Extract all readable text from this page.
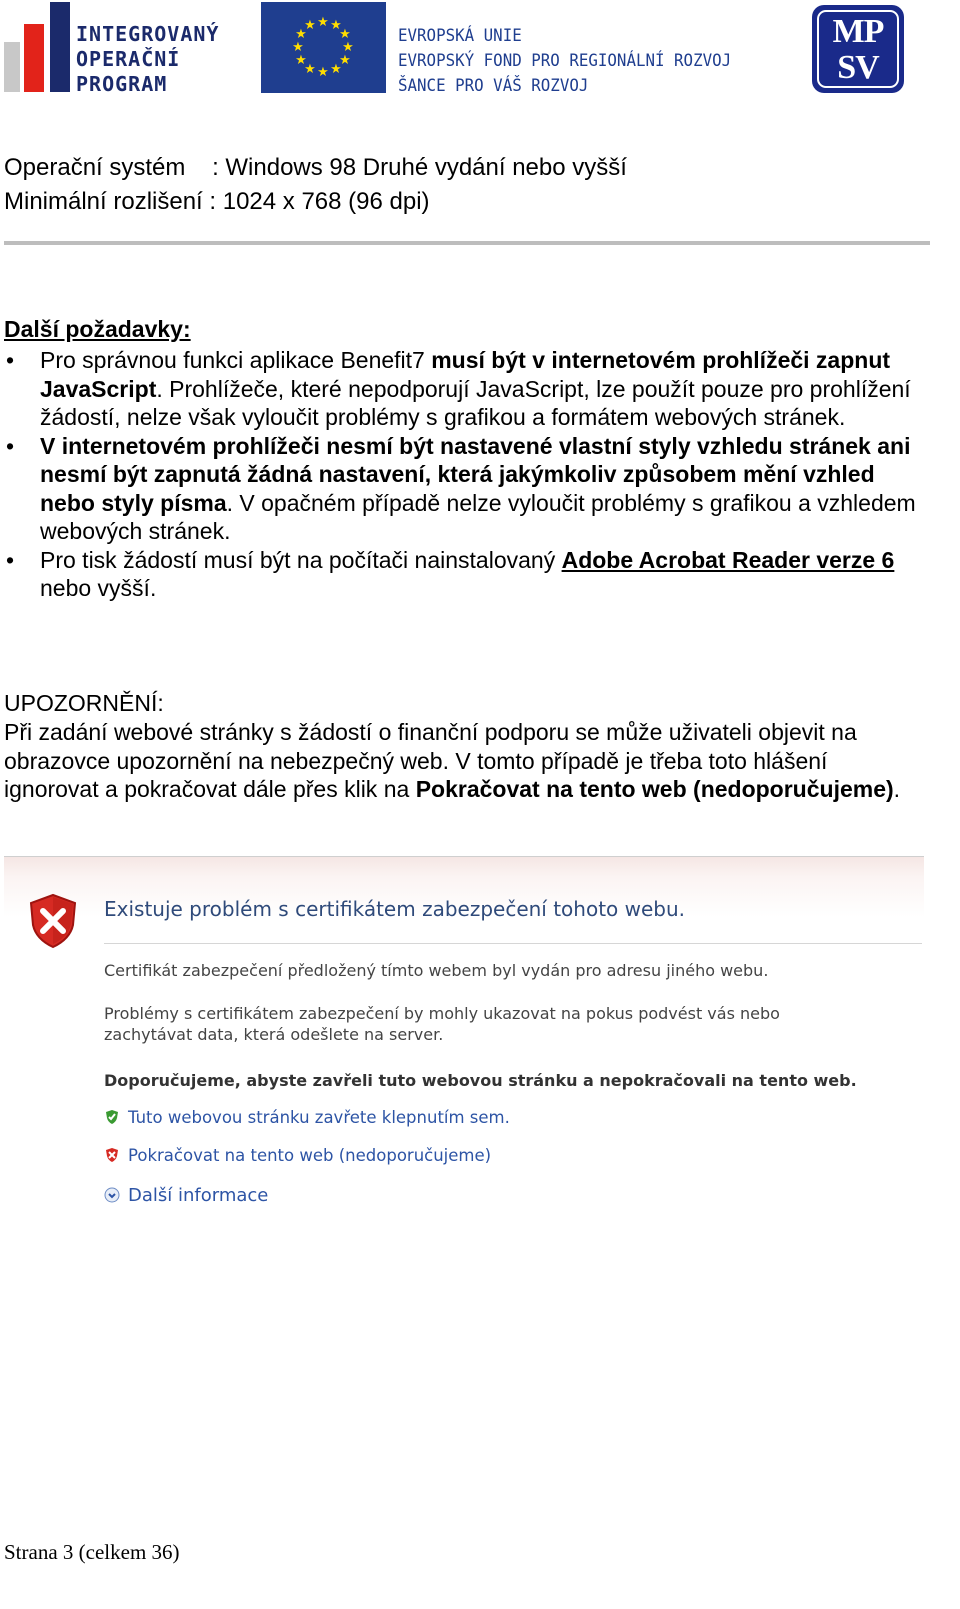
INTEGROVANÝ
OPERAČNÍ
PROGRAM
★ ★
★
★
★
★
★
★
★
★
★
★
EVROPSKÁ UNIE
EVROPSKÝ FOND PRO REGIONÁLNÍ ROZVOJ
ŠANCE PRO VÁŠ ROZVOJ
MP
SV
Operační systém    : Windows 98 Druhé vydání nebo vyšší
Minimální rozlišení : 1024 x 768 (96 dpi)
Další požadavky:
• Pro správnou funkci aplikace Benefit7 musí být v internetovém prohlížeči zapnut JavaScript. Prohlížeče, které nepodporují JavaScript, lze použít pouze pro prohlížení žádostí, nelze však vyloučit problémy s grafikou a formátem webových stránek.
• V internetovém prohlížeči nesmí být nastavené vlastní styly vzhledu stránek ani nesmí být zapnutá žádná nastavení, která jakýmkoliv způsobem mění vzhled nebo styly písma. V opačném případě nelze vyloučit problémy s grafikou a vzhledem webových stránek.
• Pro tisk žádostí musí být na počítači nainstalovaný Adobe Acrobat Reader verze 6 nebo vyšší.
UPOZORNĚNÍ:
Při zadání webové stránky s žádostí o finanční podporu se může uživateli objevit na obrazovce upozornění na nebezpečný web. V tomto případě je třeba toto hlášení ignorovat a pokračovat dále přes klik na Pokračovat na tento web (nedoporučujeme).
Existuje problém s certifikátem zabezpečení tohoto webu.
Certifikát zabezpečení předložený tímto webem byl vydán pro adresu jiného webu.
Problémy s certifikátem zabezpečení by mohly ukazovat na pokus podvést vás nebo
zachytávat data, která odešlete na server.
Doporučujeme, abyste zavřeli tuto webovou stránku a nepokračovali na tento web.
Tuto webovou stránku zavřete klepnutím sem.
Pokračovat na tento web (nedoporučujeme)
Další informace
Strana 3 (celkem 36)
